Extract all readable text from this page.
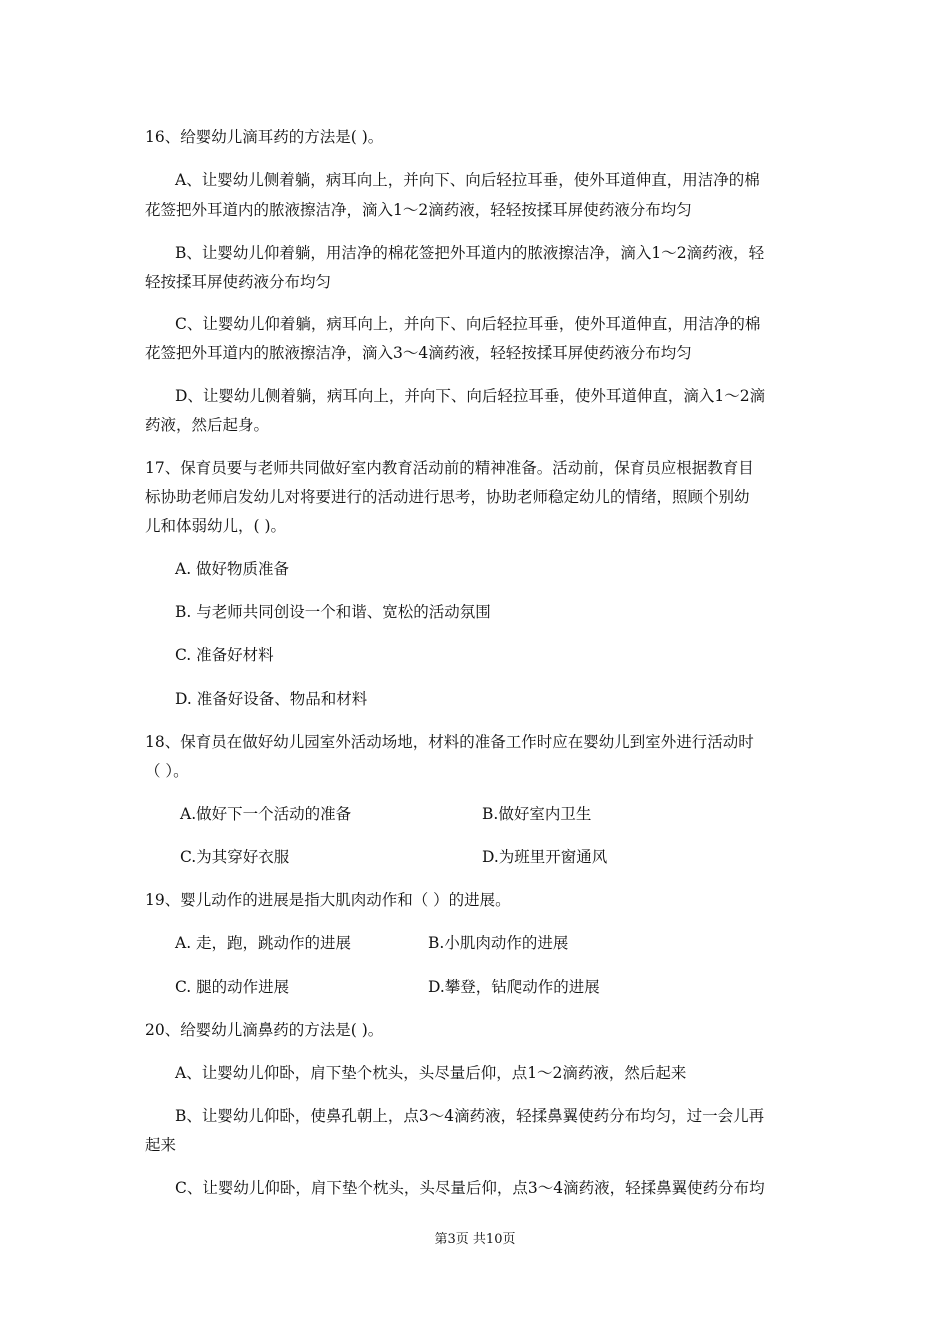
16、给婴幼儿滴耳药的方法是( )。
A、让婴幼儿侧着躺，病耳向上，并向下、向后轻拉耳垂，使外耳道伸直，用洁净的棉
花签把外耳道内的脓液擦洁净，滴入1～2滴药液，轻轻按揉耳屏使药液分布均匀
B、让婴幼儿仰着躺，用洁净的棉花签把外耳道内的脓液擦洁净，滴入1～2滴药液，轻
轻按揉耳屏使药液分布均匀
C、让婴幼儿仰着躺，病耳向上，并向下、向后轻拉耳垂，使外耳道伸直，用洁净的棉
花签把外耳道内的脓液擦洁净，滴入3～4滴药液，轻轻按揉耳屏使药液分布均匀
D、让婴幼儿侧着躺，病耳向上，并向下、向后轻拉耳垂，使外耳道伸直，滴入1～2滴
药液，然后起身。
17、保育员要与老师共同做好室内教育活动前的精神准备。活动前，保育员应根据教育目
标协助老师启发幼儿对将要进行的活动进行思考，协助老师稳定幼儿的情绪，照顾个别幼
儿和体弱幼儿，( )。
A. 做好物质准备
B. 与老师共同创设一个和谐、宽松的活动氛围
C. 准备好材料
D. 准备好设备、物品和材料
18、保育员在做好幼儿园室外活动场地，材料的准备工作时应在婴幼儿到室外进行活动时
（ ）。
A.做好下一个活动的准备	B.做好室内卫生
C.为其穿好衣服	D.为班里开窗通风
19、婴儿动作的进展是指大肌肉动作和（ ）的进展。
A. 走，跑，跳动作的进展	B.小肌肉动作的进展
C. 腿的动作进展	D.攀登，钻爬动作的进展
20、给婴幼儿滴鼻药的方法是( )。
A、让婴幼儿仰卧，肩下垫个枕头，头尽量后仰，点1～2滴药液，然后起来
B、让婴幼儿仰卧，使鼻孔朝上，点3～4滴药液，轻揉鼻翼使药分布均匀，过一会儿再
起来
C、让婴幼儿仰卧，肩下垫个枕头，头尽量后仰，点3～4滴药液，轻揉鼻翼使药分布均
第3页 共10页
